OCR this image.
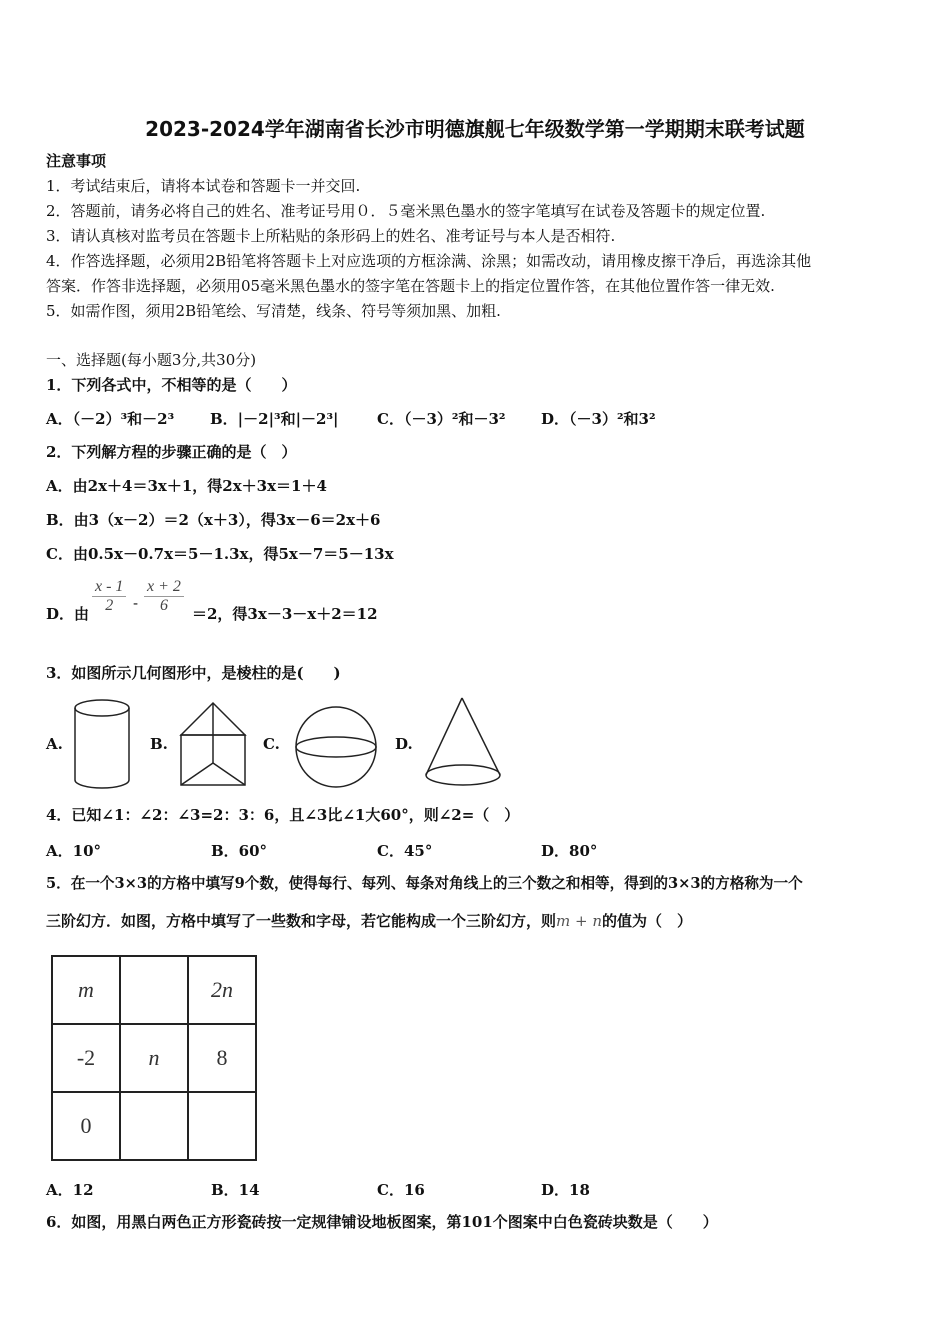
2023-2024学年湖南省长沙市明德旗舰七年级数学第一学期期末联考试题
注意事项
1．考试结束后，请将本试卷和答题卡一并交回.
2．答题前，请务必将自己的姓名、准考证号用０．５毫米黑色墨水的签字笔填写在试卷及答题卡的规定位置.
3．请认真核对监考员在答题卡上所粘贴的条形码上的姓名、准考证号与本人是否相符.
4．作答选择题，必须用2B铅笔将答题卡上对应选项的方框涂满、涂黑；如需改动，请用橡皮擦干净后，再选涂其他
答案．作答非选择题，必须用05毫米黑色墨水的签字笔在答题卡上的指定位置作答，在其他位置作答一律无效.
5．如需作图，须用2B铅笔绘、写清楚，线条、符号等须加黑、加粗.
一、选择题(每小题3分,共30分)
1．下列各式中，不相等的是（　　）
A．（－2）³和－2³ B．|－2|³和|－2³|	C．（－3）²和－3² D．（－3）²和3²
2．下列解方程的步骤正确的是（　）
A．由2x＋4＝3x＋1，得2x＋3x＝1＋4
B．由3（x－2）＝2（x＋3），得3x－6＝2x＋6
C．由0.5x－0.7x＝5－1.3x，得5x－7＝5－13x
D．由 $\frac{x - 1}{2} - \frac{x + 2}{6} =2$，得3x－3－x＋2＝12
3．如图所示几何图形中，是棱柱的是(　　)
A.	B.	C.	D.
4．已知∠1：∠2：∠3=2：3：6，且∠3比∠1大60°，则∠2=（　）
A．10°	B．60°	C．45°	D．80°
5．在一个3×3的方格中填写9个数，使得每行、每列、每条对角线上的三个数之和相等，得到的3×3的方格称为一个
三阶幻方．如图，方格中填写了一些数和字母，若它能构成一个三阶幻方，则m + n的值为（　）
m		2n
-2	n	8
0		
A．12	B．14	C．16	D．18
6．如图，用黑白两色正方形瓷砖按一定规律铺设地板图案，第101个图案中白色瓷砖块数是（　　）
